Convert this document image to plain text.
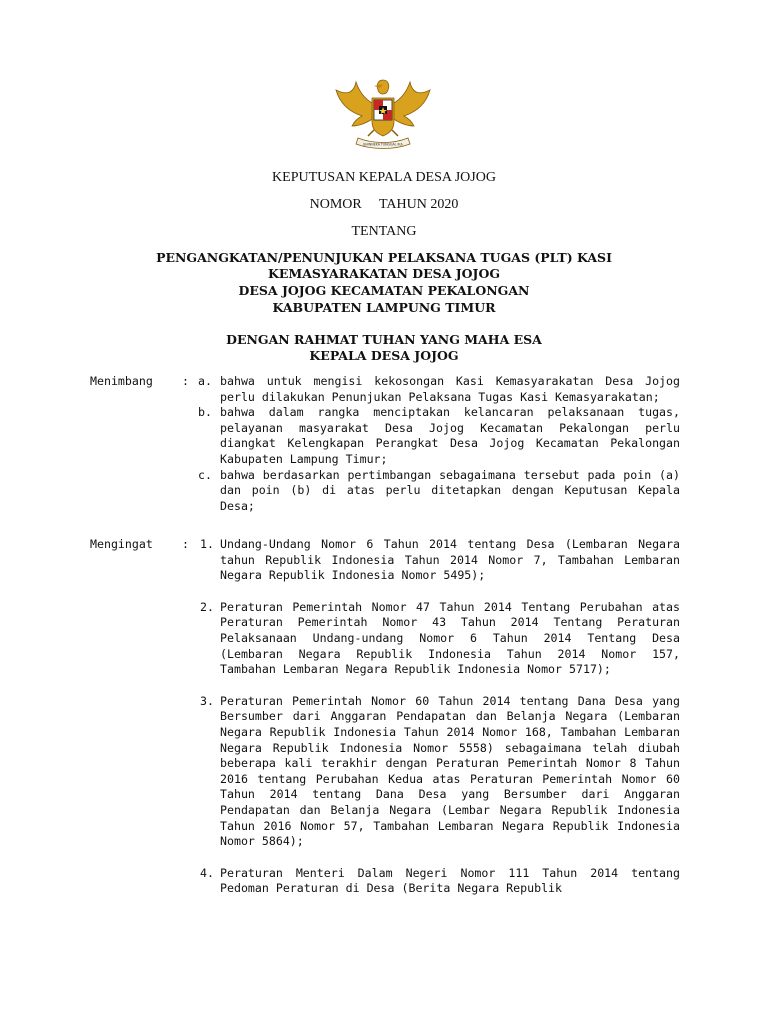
BHINNEKA TUNGGAL IKA
KEPUTUSAN KEPALA DESA JOJOG
NOMOR     TAHUN 2020
TENTANG
PENGANGKATAN/PENUNJUKAN PELAKSANA TUGAS (PLT) KASI
KEMASYARAKATAN DESA JOJOG
DESA JOJOG KECAMATAN PEKALONGAN
KABUPATEN LAMPUNG TIMUR
DENGAN RAHMAT TUHAN YANG MAHA ESA
KEPALA DESA JOJOG
Menimbang	: a. bahwa untuk mengisi kekosongan Kasi Kemasyarakatan Desa Jojog perlu dilakukan Penunjukan Pelaksana Tugas Kasi Kemasyarakatan;
b. bahwa dalam rangka menciptakan kelancaran pelaksanaan tugas, pelayanan masyarakat Desa Jojog Kecamatan Pekalongan perlu diangkat Kelengkapan Perangkat Desa Jojog Kecamatan Pekalongan Kabupaten Lampung Timur;
c. bahwa berdasarkan pertimbangan sebagaimana tersebut pada poin (a) dan poin (b) di atas perlu ditetapkan dengan Keputusan Kepala Desa;
Mengingat	: 1. Undang-Undang Nomor 6 Tahun 2014 tentang Desa (Lembaran Negara tahun Republik Indonesia Tahun 2014 Nomor 7, Tambahan Lembaran Negara Republik Indonesia Nomor 5495);
2. Peraturan Pemerintah Nomor 47 Tahun 2014 Tentang Perubahan atas Peraturan Pemerintah Nomor 43 Tahun 2014 Tentang Peraturan Pelaksanaan Undang-undang Nomor 6 Tahun 2014 Tentang Desa (Lembaran Negara Republik Indonesia Tahun 2014 Nomor 157, Tambahan Lembaran Negara Republik Indonesia Nomor 5717);
3. Peraturan Pemerintah Nomor 60 Tahun 2014 tentang Dana Desa yang Bersumber dari Anggaran Pendapatan dan Belanja Negara (Lembaran Negara Republik Indonesia Tahun 2014 Nomor 168, Tambahan Lembaran Negara Republik Indonesia Nomor 5558) sebagaimana telah diubah beberapa kali terakhir dengan Peraturan Pemerintah Nomor 8 Tahun 2016 tentang Perubahan Kedua atas Peraturan Pemerintah Nomor 60 Tahun 2014 tentang Dana Desa yang Bersumber dari Anggaran Pendapatan dan Belanja Negara (Lembar Negara Republik Indonesia Tahun 2016 Nomor 57, Tambahan Lembaran Negara Republik Indonesia Nomor 5864);
4. Peraturan Menteri Dalam Negeri Nomor 111 Tahun 2014 tentang Pedoman Peraturan di Desa (Berita Negara Republik
